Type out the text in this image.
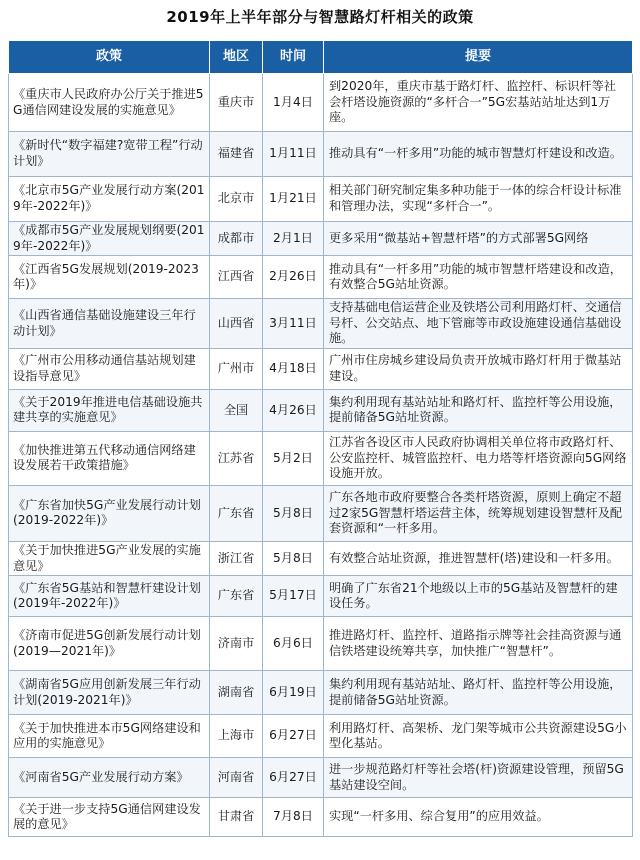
2019年上半年部分与智慧路灯杆相关的政策
政策	地区	时间	提要
《重庆市人民政府办公厅关于推进5G通信网建设发展的实施意见》	重庆市	1月4日	到2020年，重庆市基于路灯杆、监控杆、标识杆等社会杆塔设施资源的“多杆合一”5G宏基站站址达到1万座。
《新时代“数字福建?宽带工程”行动计划》	福建省	1月11日	推动具有“一杆多用”功能的城市智慧灯杆建设和改造。
《北京市5G产业发展行动方案(2019年-2022年)》	北京市	1月21日	相关部门研究制定集多种功能于一体的综合杆设计标准和管理办法，实现“多杆合一”。
《成都市5G产业发展规划纲要(2019年-2022年)》	成都市	2月1日	更多采用“微基站+智慧杆塔”的方式部署5G网络
《江西省5G发展规划(2019-2023年)》	江西省	2月26日	推动具有“一杆多用”功能的城市智慧杆塔建设和改造，有效整合5G站址资源。
《山西省通信基础设施建设三年行动计划》	山西省	3月11日	支持基础电信运营企业及铁塔公司利用路灯杆、交通信号杆、公交站点、地下管廊等市政设施建设通信基础设施。
《广州市公用移动通信基站规划建设指导意见》	广州市	4月18日	广州市住房城乡建设局负责开放城市路灯杆用于微基站建设。
《关于2019年推进电信基础设施共建共享的实施意见》	全国	4月26日	集约利用现有基站站址和路灯杆、监控杆等公用设施，提前储备5G站址资源。
《加快推进第五代移动通信网络建设发展若干政策措施》	江苏省	5月2日	江苏省各设区市人民政府协调相关单位将市政路灯杆、公安监控杆、城管监控杆、电力塔等杆塔资源向5G网络设施开放。
《广东省加快5G产业发展行动计划(2019-2022年)》	广东省	5月8日	广东各地市政府要整合各类杆塔资源，原则上确定不超过2家5G智慧杆塔运营主体，统筹规划建设智慧杆及配套资源和“一杆多用。
《关于加快推进5G产业发展的实施意见》	浙江省	5月8日	有效整合站址资源，推进智慧杆(塔)建设和一杆多用。
《广东省5G基站和智慧杆建设计划(2019年-2022年)》	广东省	5月17日	明确了广东省21个地级以上市的5G基站及智慧杆的建设任务。
《济南市促进5G创新发展行动计划(2019—2021年)》	济南市	6月6日	推进路灯杆、监控杆、道路指示牌等社会挂高资源与通信铁塔建设统筹共享，加快推广“智慧杆”。
《湖南省5G应用创新发展三年行动计划(2019-2021年)》	湖南省	6月19日	集约利用现有基站站址、路灯杆、监控杆等公用设施，提前储备5G站址资源。
《关于加快推进本市5G网络建设和应用的实施意见》	上海市	6月27日	利用路灯杆、高架桥、龙门架等城市公共资源建设5G小型化基站。
《河南省5G产业发展行动方案》	河南省	6月27日	进一步规范路灯杆等社会塔(杆)资源建设管理，预留5G基站建设空间。
《关于进一步支持5G通信网建设发展的意见》	甘肃省	7月8日	实现“一杆多用、综合复用”的应用效益。
